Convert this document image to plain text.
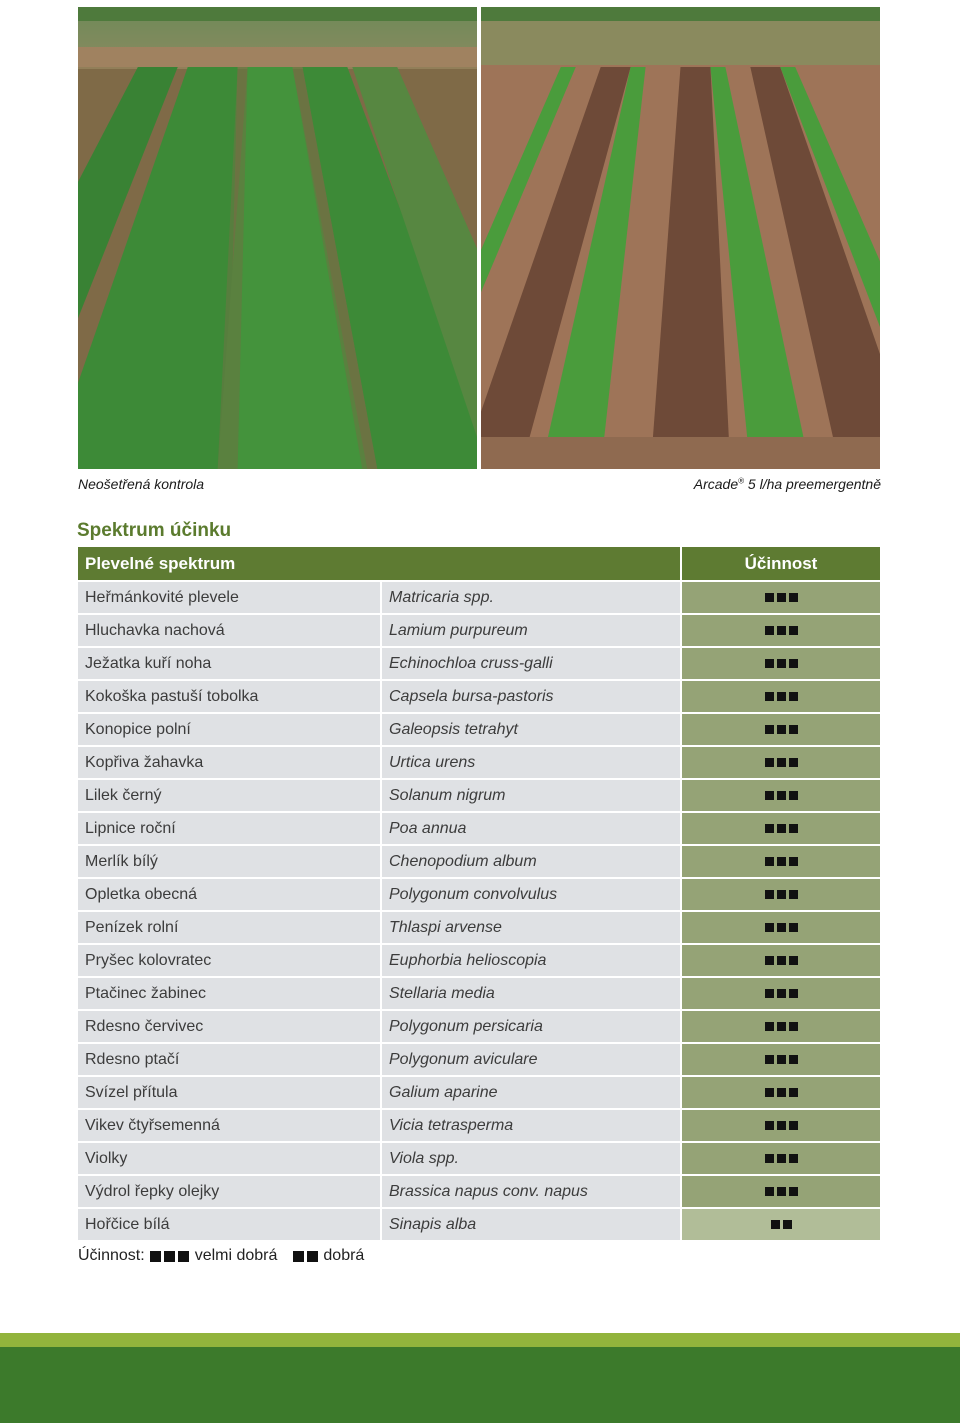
Neošetřená kontrola	Arcade® 5 l/ha preemergentně
Spektrum účinku
Plevelné spektrum		Účinnost
Heřmánkovité plevele	Matricaria spp.	
Hluchavka nachová	Lamium purpureum	
Ježatka kuří noha	Echinochloa cruss-galli	
Kokoška pastuší tobolka	Capsela bursa-pastoris	
Konopice polní	Galeopsis tetrahyt	
Kopřiva žahavka	Urtica urens	
Lilek černý	Solanum nigrum	
Lipnice roční	Poa annua	
Merlík bílý	Chenopodium album	
Opletka obecná	Polygonum convolvulus	
Penízek rolní	Thlaspi arvense	
Pryšec kolovratec	Euphorbia helioscopia	
Ptačinec žabinec	Stellaria media	
Rdesno červivec	Polygonum persicaria	
Rdesno ptačí	Polygonum aviculare	
Svízel přítula	Galium aparine	
Vikev čtyřsemenná	Vicia tetrasperma	
Violky	Viola spp.	
Výdrol řepky olejky	Brassica napus conv. napus	
Hořčice bílá	Sinapis alba	
Účinnost:	velmi dobrá	dobrá
